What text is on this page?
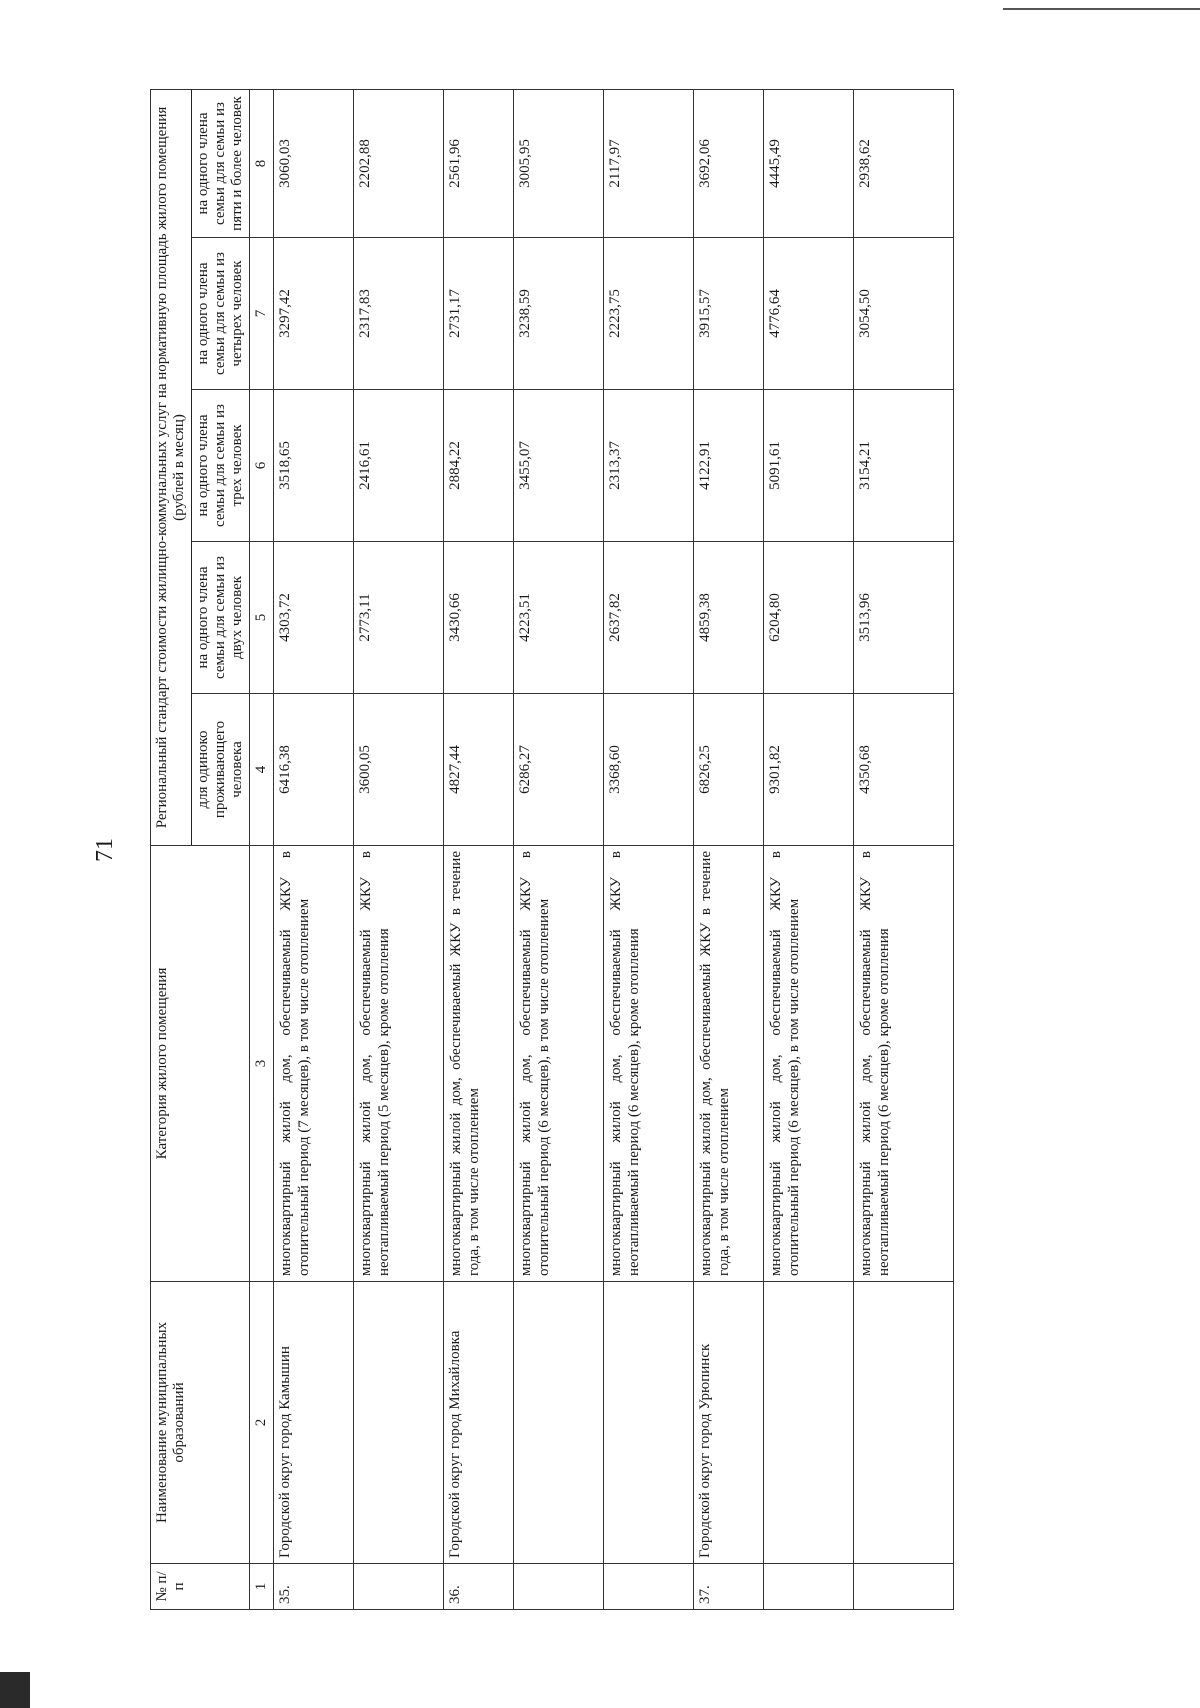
71
№ п/п	Наименование муниципальных образований	Категория жилого помещения	Региональный стандарт стоимости жилищно-коммунальных услуг на нормативную площадь жилого помещения (рублей в месяц)				
			для одиноко проживающего человека	на одного члена семьи для семьи из двух человек	на одного члена семьи для семьи из трех человек	на одного члена семьи для семьи из четырех человек	на одного члена семьи для семьи из пяти и более человек
1	2	3	4	5	6	7	8
35.	Городской округ город Камышин	многоквартирный жилой дом, обеспечиваемый ЖКУ в отопительный период (7 месяцев), в том числе отоплением	6416,38	4303,72	3518,65	3297,42	3060,03
		многоквартирный жилой дом, обеспечиваемый ЖКУ в неотапливаемый период (5 месяцев), кроме отопления	3600,05	2773,11	2416,61	2317,83	2202,88
36.	Городской округ город Михайловка	многоквартирный жилой дом, обеспечиваемый ЖКУ в течение года, в том числе отоплением	4827,44	3430,66	2884,22	2731,17	2561,96
		многоквартирный жилой дом, обеспечиваемый ЖКУ в отопительный период (6 месяцев), в том числе отоплением	6286,27	4223,51	3455,07	3238,59	3005,95
		многоквартирный жилой дом, обеспечиваемый ЖКУ в неотапливаемый период (6 месяцев), кроме отопления	3368,60	2637,82	2313,37	2223,75	2117,97
37.	Городской округ город Урюпинск	многоквартирный жилой дом, обеспечиваемый ЖКУ в течение года, в том числе отоплением	6826,25	4859,38	4122,91	3915,57	3692,06
		многоквартирный жилой дом, обеспечиваемый ЖКУ в отопительный период (6 месяцев), в том числе отоплением	9301,82	6204,80	5091,61	4776,64	4445,49
		многоквартирный жилой дом, обеспечиваемый ЖКУ в неотапливаемый период (6 месяцев), кроме отопления	4350,68	3513,96	3154,21	3054,50	2938,62
